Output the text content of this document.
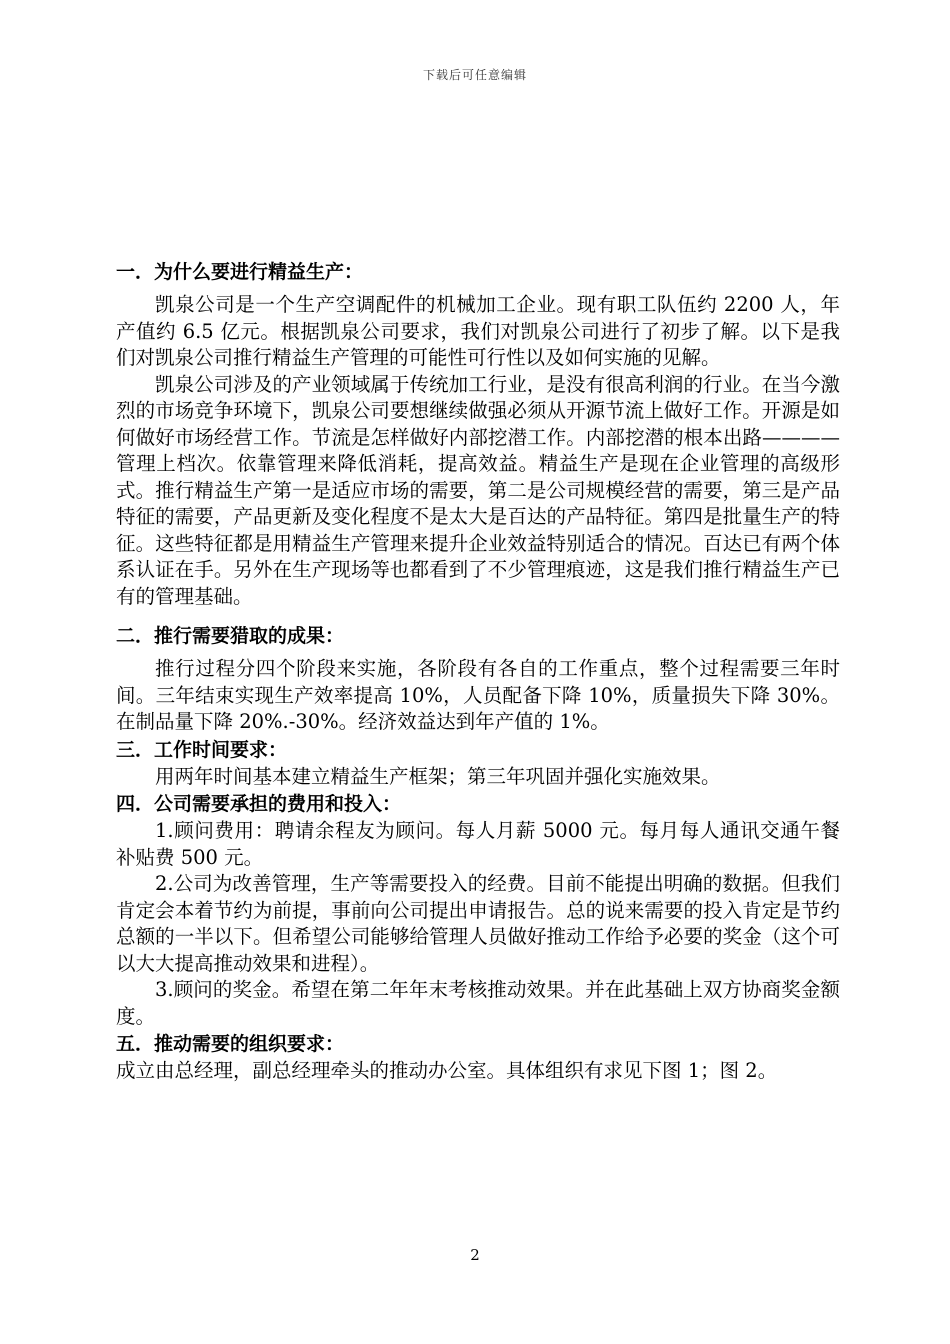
下载后可任意编辑

一．为什么要进行精益生产：

凯泉公司是一个生产空调配件的机械加工企业。现有职工队伍约 2200 人，年产值约 6.5 亿元。根据凯泉公司要求，我们对凯泉公司进行了初步了解。以下是我们对凯泉公司推行精益生产管理的可能性可行性以及如何实施的见解。

凯泉公司涉及的产业领域属于传统加工行业，是没有很高利润的行业。在当今激烈的市场竞争环境下，凯泉公司要想继续做强必须从开源节流上做好工作。开源是如何做好市场经营工作。节流是怎样做好内部挖潜工作。内部挖潜的根本出路————管理上档次。依靠管理来降低消耗，提高效益。精益生产是现在企业管理的高级形式。推行精益生产第一是适应市场的需要，第二是公司规模经营的需要，第三是产品特征的需要，产品更新及变化程度不是太大是百达的产品特征。第四是批量生产的特征。这些特征都是用精益生产管理来提升企业效益特别适合的情况。百达已有两个体系认证在手。另外在生产现场等也都看到了不少管理痕迹，这是我们推行精益生产已有的管理基础。

二．推行需要猎取的成果：

推行过程分四个阶段来实施，各阶段有各自的工作重点，整个过程需要三年时间。三年结束实现生产效率提高 10%，人员配备下降 10%，质量损失下降 30%。在制品量下降 20%.-30%。经济效益达到年产值的 1%。

三．工作时间要求：

用两年时间基本建立精益生产框架；第三年巩固并强化实施效果。

四．公司需要承担的费用和投入：

1.顾问费用：聘请余程友为顾问。每人月薪 5000 元。每月每人通讯交通午餐补贴费 500 元。

2.公司为改善管理，生产等需要投入的经费。目前不能提出明确的数据。但我们肯定会本着节约为前提，事前向公司提出申请报告。总的说来需要的投入肯定是节约总额的一半以下。但希望公司能够给管理人员做好推动工作给予必要的奖金（这个可以大大提高推动效果和进程）。

3.顾问的奖金。希望在第二年年末考核推动效果。并在此基础上双方协商奖金额度。

五．推动需要的组织要求：

成立由总经理，副总经理牵头的推动办公室。具体组织有求见下图 1；图 2。

2
